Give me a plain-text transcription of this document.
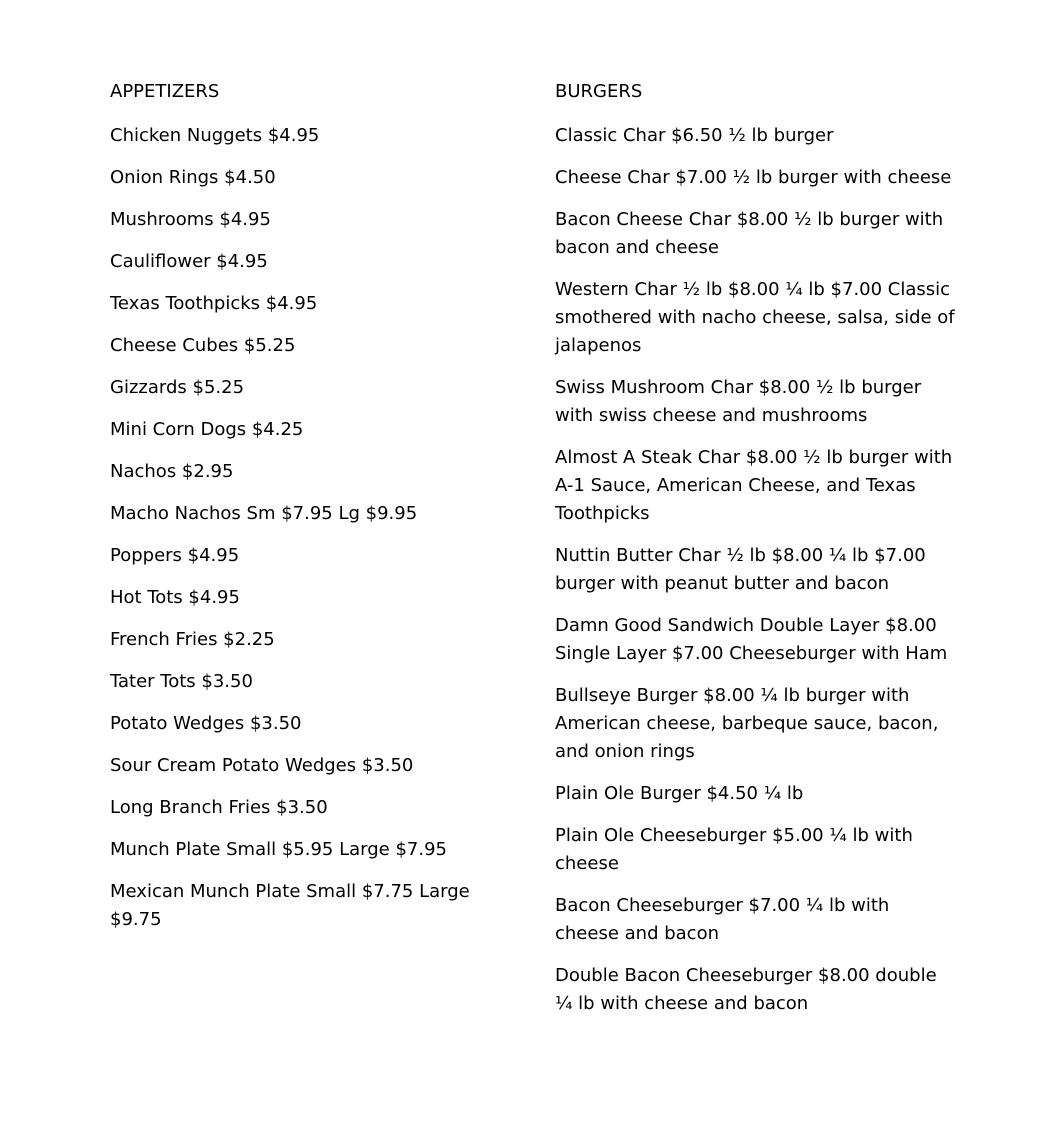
APPETIZERS
Chicken Nuggets $4.95
Onion Rings $4.50
Mushrooms $4.95
Cauliflower $4.95
Texas Toothpicks $4.95
Cheese Cubes $5.25
Gizzards $5.25
Mini Corn Dogs $4.25
Nachos $2.95
Macho Nachos Sm $7.95 Lg $9.95
Poppers $4.95
Hot Tots $4.95
French Fries $2.25
Tater Tots $3.50
Potato Wedges $3.50
Sour Cream Potato Wedges $3.50
Long Branch Fries $3.50
Munch Plate Small $5.95 Large $7.95
Mexican Munch Plate Small $7.75 Large $9.75
BURGERS
Classic Char $6.50 ½ lb burger
Cheese Char $7.00 ½ lb burger with cheese
Bacon Cheese Char $8.00 ½ lb burger with bacon and cheese
Western Char ½ lb $8.00 ¼ lb $7.00 Classic smothered with nacho cheese, salsa, side of jalapenos
Swiss Mushroom Char $8.00 ½ lb burger with swiss cheese and mushrooms
Almost A Steak Char $8.00 ½ lb burger with A-1 Sauce, American Cheese, and Texas Toothpicks
Nuttin Butter Char ½ lb $8.00 ¼ lb $7.00 burger with peanut butter and bacon
Damn Good Sandwich Double Layer $8.00 Single Layer $7.00 Cheeseburger with Ham
Bullseye Burger $8.00 ¼ lb burger with American cheese, barbeque sauce, bacon, and onion rings
Plain Ole Burger $4.50 ¼ lb
Plain Ole Cheeseburger $5.00 ¼ lb with cheese
Bacon Cheeseburger $7.00 ¼ lb with cheese and bacon
Double Bacon Cheeseburger $8.00 double ¼ lb with cheese and bacon
